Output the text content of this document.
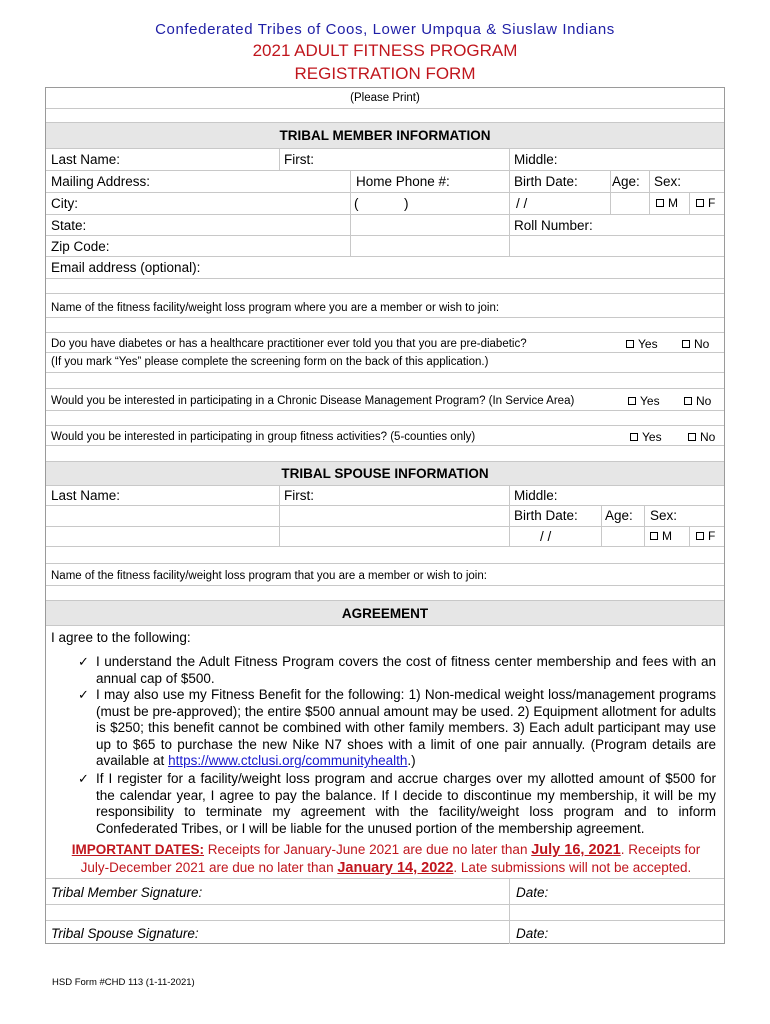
Confederated Tribes of Coos, Lower Umpqua & Siuslaw Indians
2021 ADULT FITNESS PROGRAM
REGISTRATION FORM
(Please Print)
TRIBAL MEMBER INFORMATION
Last Name:	First:	Middle:
Mailing Address:	Home Phone #:	Birth Date:	Age: Sex:
City:	(	)	/ /	M	F
State:	Roll Number:
Zip Code:
Email address (optional):
Name of the fitness facility/weight loss program where you are a member or wish to join:
Do you have diabetes or has a healthcare practitioner ever told you that you are pre-diabetic?	Yes	No
(If you mark “Yes” please complete the screening form on the back of this application.)
Would you be interested in participating in a Chronic Disease Management Program? (In Service Area)	Yes	No
Would you be interested in participating in group fitness activities? (5-counties only)	Yes	No
TRIBAL SPOUSE INFORMATION
Last Name:	First:	Middle:
Birth Date: Age: Sex:
/ /	M	F
Name of the fitness facility/weight loss program that you are a member or wish to join:
AGREEMENT
I agree to the following:
✓ I understand the Adult Fitness Program covers the cost of fitness center membership and fees with an annual cap of $500.
✓ I may also use my Fitness Benefit for the following: 1) Non-medical weight loss/management programs (must be pre-approved); the entire $500 annual amount may be used. 2) Equipment allotment for adults is $250; this benefit cannot be combined with other family members. 3) Each adult participant may use up to $65 to purchase the new Nike N7 shoes with a limit of one pair annually. (Program details are available at https://www.ctclusi.org/communityhealth.)
✓ If I register for a facility/weight loss program and accrue charges over my allotted amount of $500 for the calendar year, I agree to pay the balance. If I decide to discontinue my membership, it will be my responsibility to terminate my agreement with the facility/weight loss program and to inform Confederated Tribes, or I will be liable for the unused portion of the membership agreement.
IMPORTANT DATES: Receipts for January-June 2021 are due no later than July 16, 2021. Receipts for July-December 2021 are due no later than January 14, 2022. Late submissions will not be accepted.
Tribal Member Signature:	Date:
Tribal Spouse Signature:	Date:
HSD Form #CHD 113 (1-11-2021)
